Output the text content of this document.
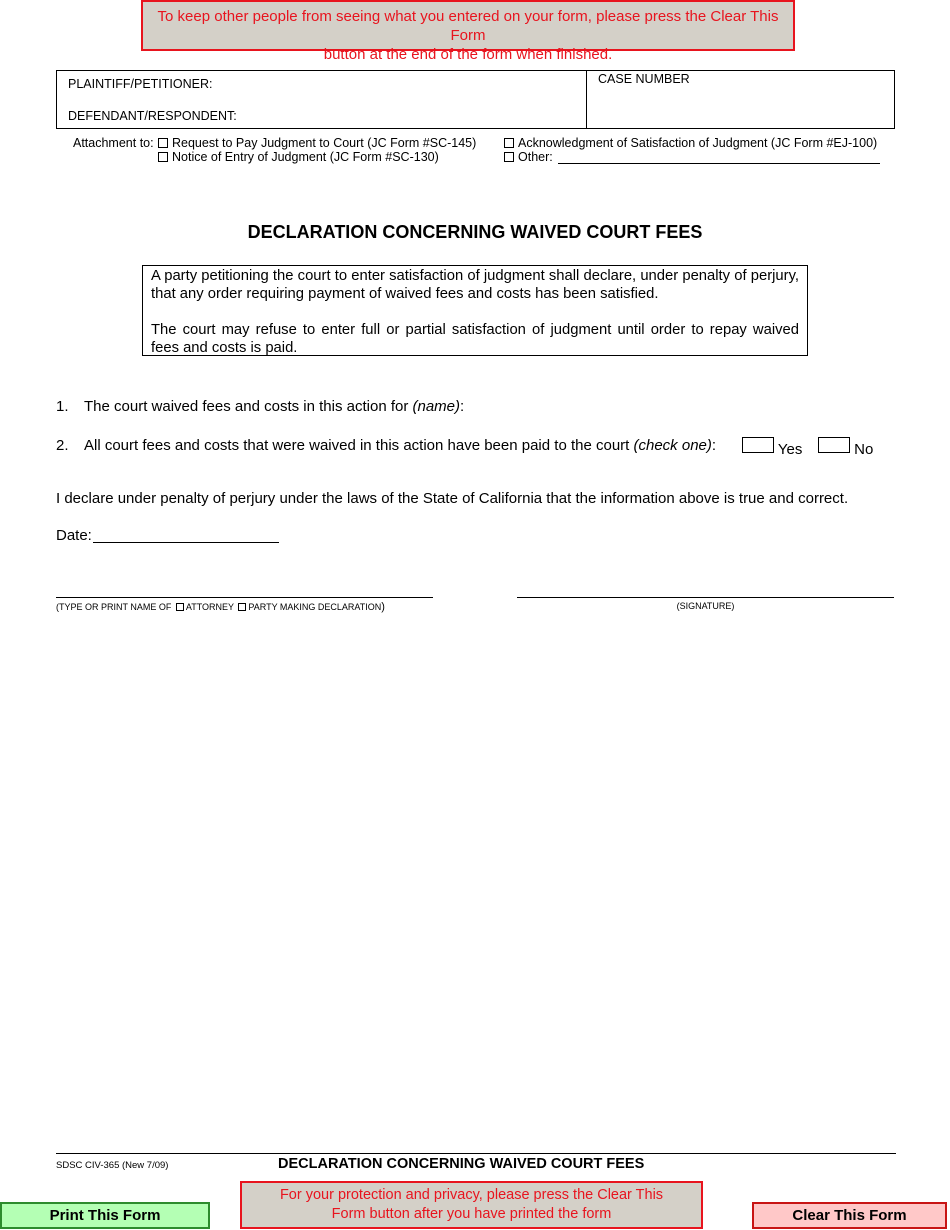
To keep other people from seeing what you entered on your form, please press the Clear This Form
button at the end of the form when finished.
PLAINTIFF/PETITIONER:
DEFENDANT/RESPONDENT:
CASE NUMBER
Attachment to:	Request to Pay Judgment to Court (JC Form #SC-145)	Acknowledgment of Satisfaction of Judgment (JC Form #EJ-100)
Notice of Entry of Judgment (JC Form #SC-130)	Other:
DECLARATION CONCERNING WAIVED COURT FEES

A party petitioning the court to enter satisfaction of judgment shall declare, under penalty of perjury, that any order requiring payment of waived fees and costs has been satisfied.

The court may refuse to enter full or partial satisfaction of judgment until order to repay waived fees and costs is paid.

1. The court waived fees and costs in this action for (name):
2. All court fees and costs that were waived in this action have been paid to the court (check one):	Yes	No
I declare under penalty of perjury under the laws of the State of California that the information above is true and correct.
Date:
(TYPE OR PRINT NAME OF ATTORNEY PARTY MAKING DECLARATION)	(SIGNATURE)
SDSC CIV-365 (New 7/09)	DECLARATION CONCERNING WAIVED COURT FEES
Print This Form
For your protection and privacy, please press the Clear This
Form button after you have printed the form	Clear This Form
